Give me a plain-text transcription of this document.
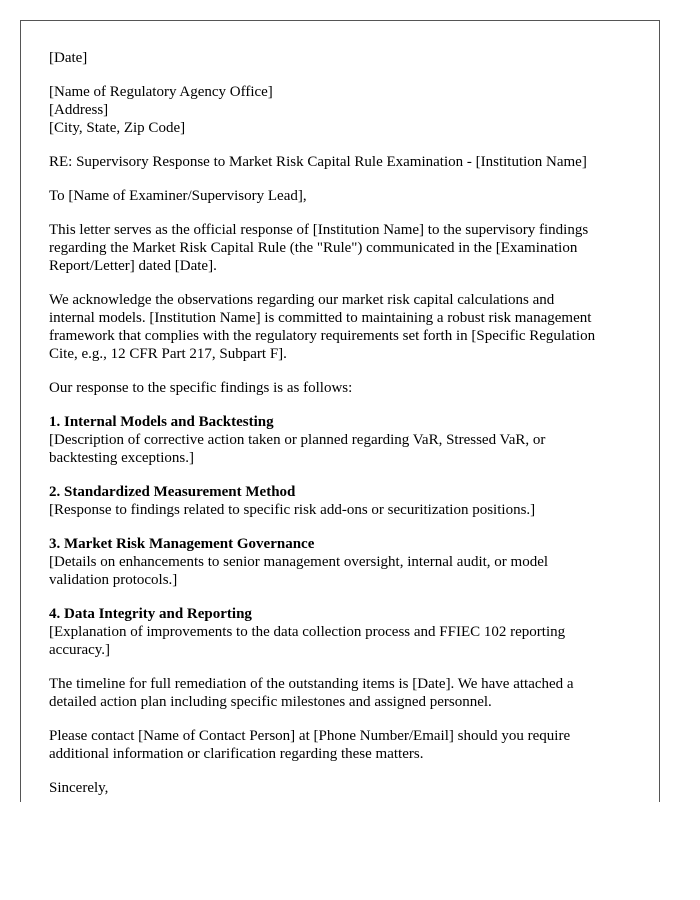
[Date]
[Name of Regulatory Agency Office]
[Address]
[City, State, Zip Code]
RE: Supervisory Response to Market Risk Capital Rule Examination - [Institution Name]
To [Name of Examiner/Supervisory Lead],
This letter serves as the official response of [Institution Name] to the supervisory findings
regarding the Market Risk Capital Rule (the "Rule") communicated in the [Examination
Report/Letter] dated [Date].
We acknowledge the observations regarding our market risk capital calculations and
internal models. [Institution Name] is committed to maintaining a robust risk management
framework that complies with the regulatory requirements set forth in [Specific Regulation
Cite, e.g., 12 CFR Part 217, Subpart F].
Our response to the specific findings is as follows:
1. Internal Models and Backtesting
[Description of corrective action taken or planned regarding VaR, Stressed VaR, or
backtesting exceptions.]
2. Standardized Measurement Method
[Response to findings related to specific risk add-ons or securitization positions.]
3. Market Risk Management Governance
[Details on enhancements to senior management oversight, internal audit, or model
validation protocols.]
4. Data Integrity and Reporting
[Explanation of improvements to the data collection process and FFIEC 102 reporting
accuracy.]
The timeline for full remediation of the outstanding items is [Date]. We have attached a
detailed action plan including specific milestones and assigned personnel.
Please contact [Name of Contact Person] at [Phone Number/Email] should you require
additional information or clarification regarding these matters.
Sincerely,
